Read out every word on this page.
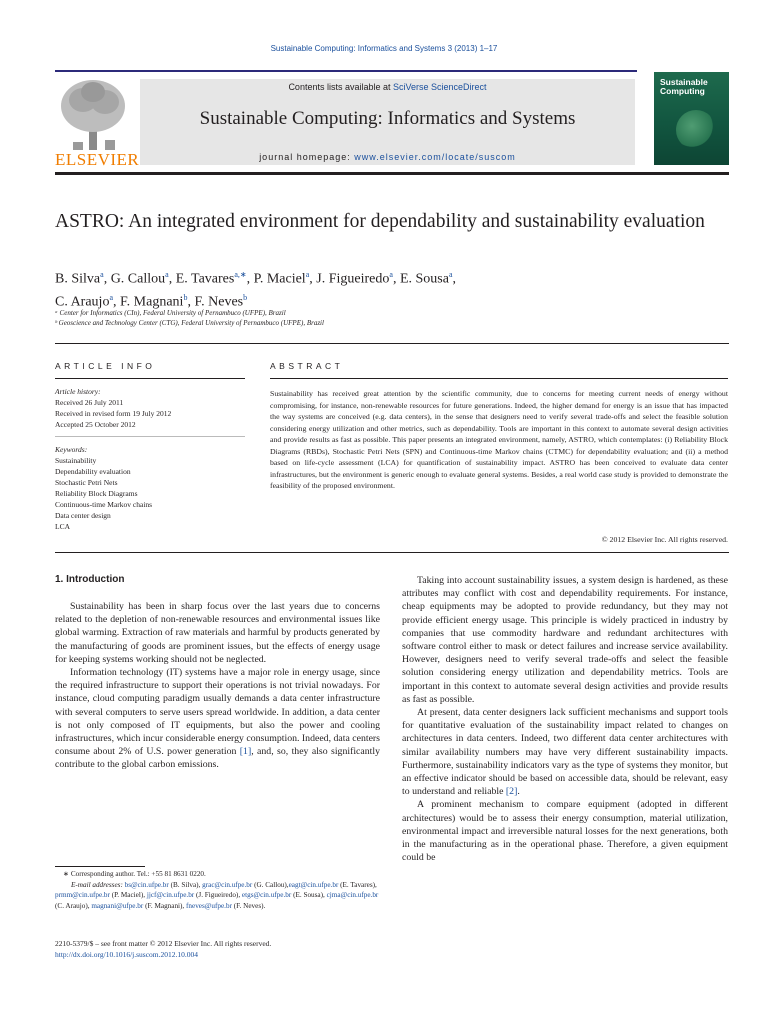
Sustainable Computing: Informatics and Systems 3 (2013) 1–17
ELSEVIER
Contents lists available at SciVerse ScienceDirect
Sustainable Computing: Informatics and Systems
journal homepage: www.elsevier.com/locate/suscom
Sustainable
Computing
ASTRO: An integrated environment for dependability and sustainability evaluation
B. Silva$^a$, G. Callou$^a$, E. Tavares$^{a,∗}$, P. Maciel$^a$, J. Figueiredo$^a$, E. Sousa$^a$,
C. Araujo$^a$, F. Magnani$^b$, F. Neves$^b$
ᵃ Center for Informatics (CIn), Federal University of Pernambuco (UFPE), Brazil
ᵇ Geoscience and Technology Center (CTG), Federal University of Pernambuco (UFPE), Brazil
ARTICLE INFO
Article history:
Received 26 July 2011
Received in revised form 19 July 2012
Accepted 25 October 2012
Keywords:
Sustainability
Dependability evaluation
Stochastic Petri Nets
Reliability Block Diagrams
Continuous-time Markov chains
Data center design
LCA
ABSTRACT
Sustainability has received great attention by the scientific community, due to concerns for meeting current needs of energy without compromising, for instance, non-renewable resources for future generations. Indeed, the higher demand for energy is an issue that has impacted the way systems are conceived (e.g. data centers), in the sense that designers need to verify several trade-offs and select the feasible solution considering energy utilization and other metrics, such as dependability. Tools are important in this context to automate several design activities and provide results as fast as possible. This paper presents an integrated environment, namely, ASTRO, which contemplates: (i) Reliability Block Diagrams (RBDs), Stochastic Petri Nets (SPN) and Continuous-time Markov chains (CTMC) for dependability evaluation; and (ii) a method based on life-cycle assessment (LCA) for quantification of sustainability impact. ASTRO has been conceived to evaluate data center infrastructures, but the environment is generic enough to evaluate general systems. Besides, a real world case study is provided to demonstrate the feasibility of the proposed environment.
© 2012 Elsevier Inc. All rights reserved.
1. Introduction

Sustainability has been in sharp focus over the last years due to concerns related to the depletion of non-renewable resources and environmental issues like global warming. Extraction of raw materials and harmful by products generated by the manufacturing of goods are prominent issues, but the effects of energy usage for keeping systems working should not be neglected.

Information technology (IT) systems have a major role in energy usage, since the required infrastructure to support their operations is not trivial nowadays. For instance, cloud computing paradigm usually demands a data center infrastructure with several computers to serve users spread worldwide. In addition, a data center is not only composed of IT equipments, but also the power and cooling infrastructures, which incur considerable energy consumption. Indeed, data centers consume about 2% of U.S. power generation [1], and, so, they also significantly contribute to the global carbon emissions.

Taking into account sustainability issues, a system design is hardened, as these attributes may conflict with cost and dependability requirements. For instance, cheap equipments may be adopted to provide redundancy, but they may not provide efficient energy usage. This principle is widely practiced in industry by companies that use commodity hardware and redundant architectures with software control either to mask or detect failures and increase service availability. However, designers need to verify several trade-offs and select the feasible solution considering energy utilization and dependability metrics. Tools are important in this context to automate several design activities and provide results as fast as possible.

At present, data center designers lack sufficient mechanisms and support tools for quantitative evaluation of the sustainability impact related to changes on architectures in data centers. Indeed, two different data center architectures with similar availability numbers may have very different sustainability impacts. Furthermore, sustainability indicators vary as the type of systems they monitor, but an effective indicator should be based on accessible data, should be relevant, easy to understand and reliable [2].

A prominent mechanism to compare equipment (adopted in different architectures) would be to assess their energy consumption, material utilization, environmental impact and irreversible natural losses for the next generations, both in the manufacturing as in the operational phase. Therefore, a given equipment could be

∗ Corresponding author. Tel.: +55 81 8631 0220.
E-mail addresses: bs@cin.ufpe.br (B. Silva), grac@cin.ufpe.br (G. Callou),eagt@cin.ufpe.br (E. Tavares), prmm@cin.ufpe.br (P. Maciel), jjcf@cin.ufpe.br (J. Figueiredo), etgs@cin.ufpe.br (E. Sousa), cjma@cin.ufpe.br (C. Araujo), magnani@ufpe.br (F. Magnani), fneves@ufpe.br (F. Neves).
2210-5379/$ – see front matter © 2012 Elsevier Inc. All rights reserved.
http://dx.doi.org/10.1016/j.suscom.2012.10.004
